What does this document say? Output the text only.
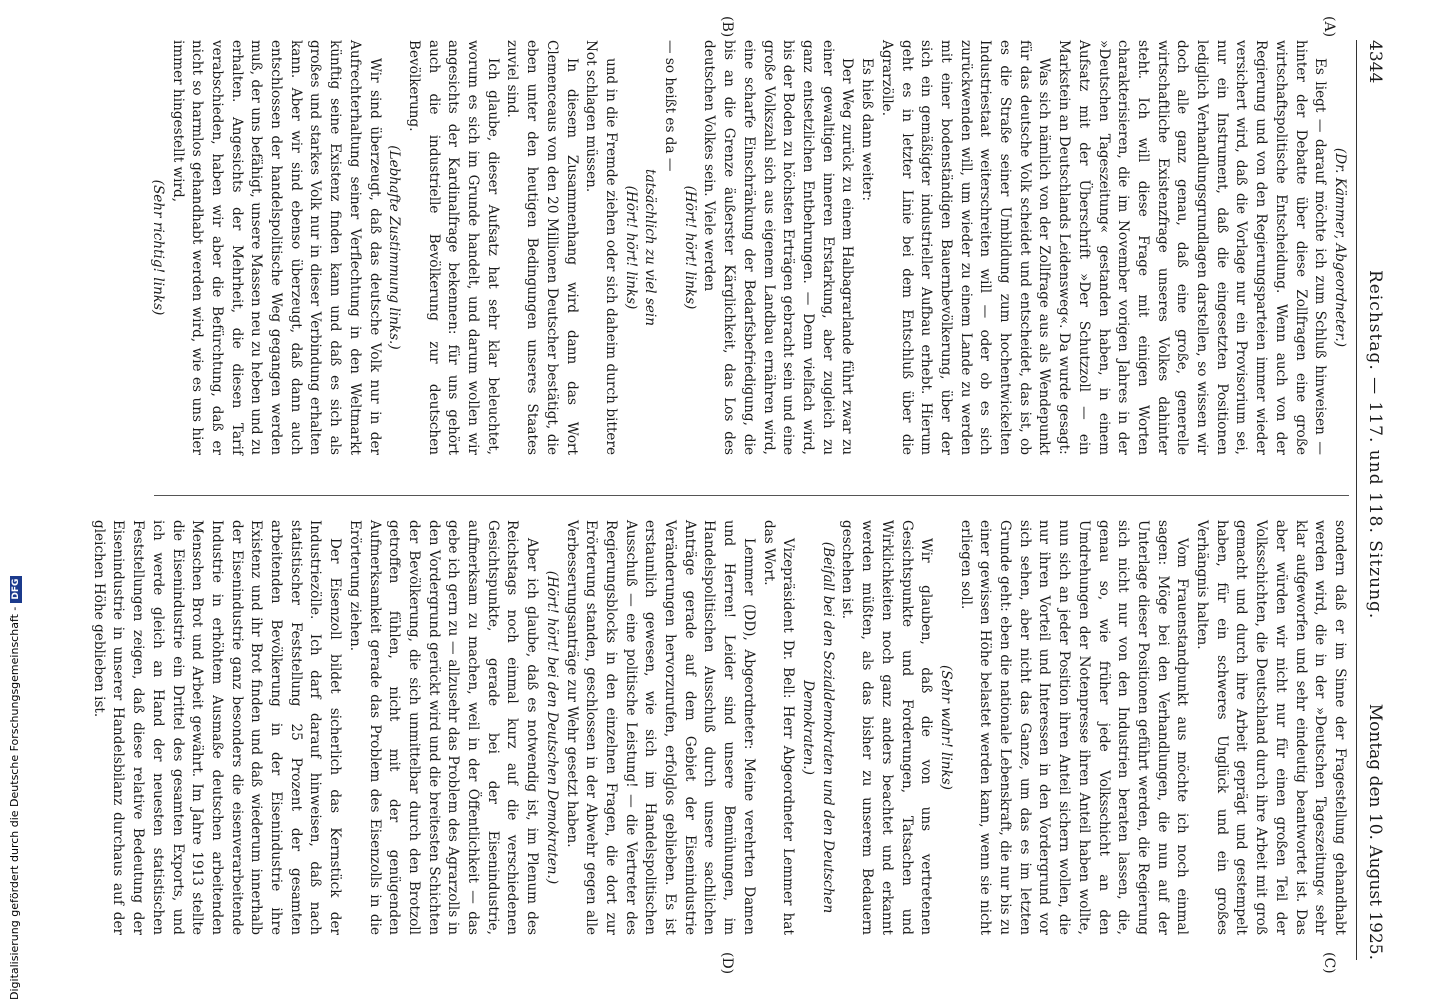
4344
Reichstag. — 117. und 118. Sitzung.
Montag den 10. August 1925.
(A)
(B)
(C)
(D)

(Dr. Kämmer, Abgeordneter.)

Es liegt — darauf möchte ich zum Schluß hinweisen — hinter der Debatte über diese Zollfragen eine große wirtschaftspolitische Entscheidung. Wenn auch von der Regierung und von den Regierungsparteien immer wieder versichert wird, daß die Vorlage nur ein Provisorium sei, nur ein Instrument, daß die eingesetzten Positionen lediglich Verhandlungsgrundlagen darstellen, so wissen wir doch alle ganz genau, daß eine große, generelle wirtschaftliche Existenzfrage unseres Volkes dahinter steht. Ich will diese Frage mit einigen Worten charakterisieren, die im November vorigen Jahres in der »Deutschen Tageszeitung« gestanden haben, in einem Aufsatz mit der Überschrift »Der Schutzzoll — ein Markstein an Deutschlands Leidensweg«. Da wurde gesagt:

Was sich nämlich von der Zollfrage aus als Wendepunkt für das deutsche Volk scheidet und entscheidet, das ist, ob es die Straße seiner Umbildung zum hochentwickelten Industriestaat weiterschreiten will — oder ob es sich zurückwenden will, um wieder zu einem Lande zu werden mit einer bodenständigen Bauernbevölkerung, über der sich ein gemäßigter industrieller Aufbau erhebt. Hierum geht es in letzter Linie bei dem Entschluß über die Agrarzölle.

Es hieß dann weiter:

Der Weg zurück zu einem Halbagrarlande führt zwar zu einer gewaltigen inneren Erstarkung, aber zugleich zu ganz entsetzlichen Entbehrungen. — Denn vielfach wird, bis der Boden zu höchsten Erträgen gebracht sein und eine große Volkszahl sich aus eigenem Landbau ernähren wird, eine scharfe Einschränkung der Bedarfsbefriedigung, die bis an die Grenze äußerster Kärglichkeit, das Los des deutschen Volkes sein. Viele werden

(Hört! hört! links)

— so heißt es da —

tatsächlich zu viel sein

(Hört! hört! links)

und in die Fremde ziehen oder sich daheim durch bittere Not schlagen müssen.

In diesem Zusammenhang wird dann das Wort Clemenceaus von den 20 Millionen Deutscher bestätigt, die eben unter den heutigen Bedingungen unseres Staates zuviel sind.

Ich glaube, dieser Aufsatz hat sehr klar beleuchtet, worum es sich im Grunde handelt, und darum wollen wir angesichts der Kardinalfrage bekennen: für uns gehört auch die industrielle Bevölkerung zur deutschen Bevölkerung.

(Lebhafte Zustimmung links.)

Wir sind überzeugt, daß das deutsche Volk nur in der Aufrechterhaltung seiner Verflechtung in den Weltmarkt künftig seine Existenz finden kann und daß es sich als großes und starkes Volk nur in dieser Verbindung erhalten kann. Aber wir sind ebenso überzeugt, daß dann auch entschlossen der handelspolitische Weg gegangen werden muß, der uns befähigt, unsere Massen neu zu heben und zu erhalten. Angesichts der Mehrheit, die diesen Tarif verabschieden, haben wir aber die Befürchtung, daß er nicht so harmlos gehandhabt werden wird, wie es uns hier immer hingestellt wird,

(Sehr richtig! links)

sondern daß er im Sinne der Fragestellung gehandhabt werden wird, die in der »Deutschen Tageszeitung« sehr klar aufgeworfen und sehr eindeutig beantwortet ist. Das aber würden wir nicht nur für einen großen Teil der Volksschichten, die Deutschland durch ihre Arbeit mit groß gemacht und durch ihre Arbeit geprägt und gestempelt haben, für ein schweres Unglück und ein großes Verhängnis halten.

Vom Frauenstandpunkt aus möchte ich noch einmal sagen: Möge bei den Verhandlungen, die nun auf der Unterlage dieser Positionen geführt werden, die Regierung sich nicht nur von den Industrien beraten lassen, die, genau so, wie früher jede Volksschicht an den Umdrehungen der Notenpresse ihren Anteil haben wollte, nun sich an jeder Position ihren Anteil sichern wollen, die nur ihren Vorteil und Interessen in den Vordergrund vor sich sehen, aber nicht das Ganze, um das es im letzten Grunde geht: eben die nationale Lebenskraft, die nur bis zu einer gewissen Höhe belastet werden kann, wenn sie nicht erliegen soll.

(Sehr wahr! links)

Wir glauben, daß die von uns vertretenen Gesichtspunkte und Forderungen, Tatsachen und Wirklichkeiten noch ganz anders beachtet und erkannt werden müßten, als das bisher zu unserem Bedauern geschehen ist.

(Beifall bei den Sozialdemokraten und den Deutschen Demokraten.)

Vizepräsident Dr. Bell: Herr Abgeordneter Lemmer hat das Wort.

Lemmer (DD), Abgeordneter: Meine verehrten Damen und Herren! Leider sind unsere Bemühungen, im Handelspolitischen Ausschuß durch unsere sachlichen Anträge gerade auf dem Gebiet der Eisenindustrie Veränderungen hervorzurufen, erfolglos geblieben. Es ist erstaunlich gewesen, wie sich im Handelspolitischen Ausschuß — eine politische Leistung! — die Vertreter des Regierungsblocks in den einzelnen Fragen, die dort zur Erörterung standen, geschlossen in der Abwehr gegen alle Verbesserungsanträge zur Wehr gesetzt haben.

(Hört! hört! bei den Deutschen Demokraten.)

Aber ich glaube, daß es notwendig ist, im Plenum des Reichstags noch einmal kurz auf die verschiedenen Gesichtspunkte, gerade bei der Eisenindustrie, aufmerksam zu machen, weil in der Öffentlichkeit — das gebe ich gern zu — allzusehr das Problem des Agrarzolls in den Vordergrund gerückt wird und die breitesten Schichten der Bevölkerung, die sich unmittelbar durch den Brotzoll getroffen fühlen, nicht mit der genügenden Aufmerksamkeit gerade das Problem des Eisenzolls in die Erörterung ziehen.

Der Eisenzoll bildet sicherlich das Kernstück der Industriezölle. Ich darf darauf hinweisen, daß nach statistischer Feststellung 25 Prozent der gesamten arbeitenden Bevölkerung in der Eisenindustrie ihre Existenz und ihr Brot finden und daß wiederum innerhalb der Eisenindustrie ganz besonders die eisenverarbeitende Industrie in erhöhtem Ausmaße deutschen arbeitenden Menschen Brot und Arbeit gewährt. Im Jahre 1913 stellte die Eisenindustrie ein Drittel des gesamten Exports, und ich werde gleich an Hand der neuesten statistischen Feststellungen zeigen, daß diese relative Bedeutung der Eisenindustrie in unserer Handelsbilanz durchaus auf der gleichen Höhe geblieben ist.

Digitalisierung gefördert durch die Deutsche Forschungsgemeinschaft -DFG
